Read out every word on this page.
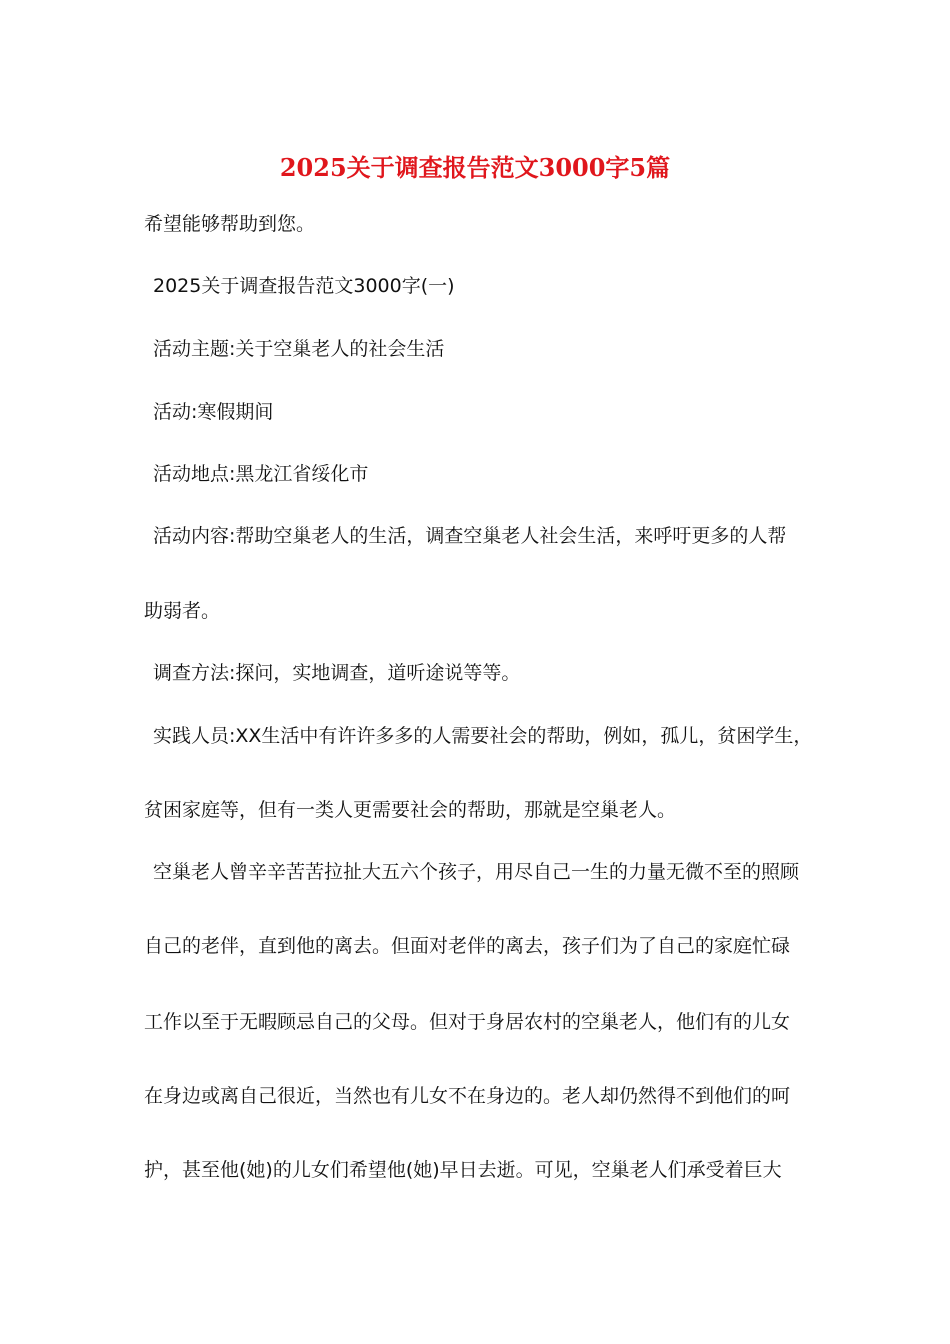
2025关于调查报告范文3000字5篇
希望能够帮助到您。
2025关于调查报告范文3000字(一)
活动主题:关于空巢老人的社会生活
活动:寒假期间
活动地点:黑龙江省绥化市
活动内容:帮助空巢老人的生活，调查空巢老人社会生活，来呼吁更多的人帮
助弱者。
调查方法:探问，实地调查，道听途说等等。
实践人员:XX生活中有许许多多的人需要社会的帮助，例如，孤儿，贫困学生，
贫困家庭等，但有一类人更需要社会的帮助，那就是空巢老人。
空巢老人曾辛辛苦苦拉扯大五六个孩子，用尽自己一生的力量无微不至的照顾
自己的老伴，直到他的离去。但面对老伴的离去，孩子们为了自己的家庭忙碌
工作以至于无暇顾忌自己的父母。但对于身居农村的空巢老人，他们有的儿女
在身边或离自己很近，当然也有儿女不在身边的。老人却仍然得不到他们的呵
护，甚至他(她)的儿女们希望他(她)早日去逝。可见，空巢老人们承受着巨大
